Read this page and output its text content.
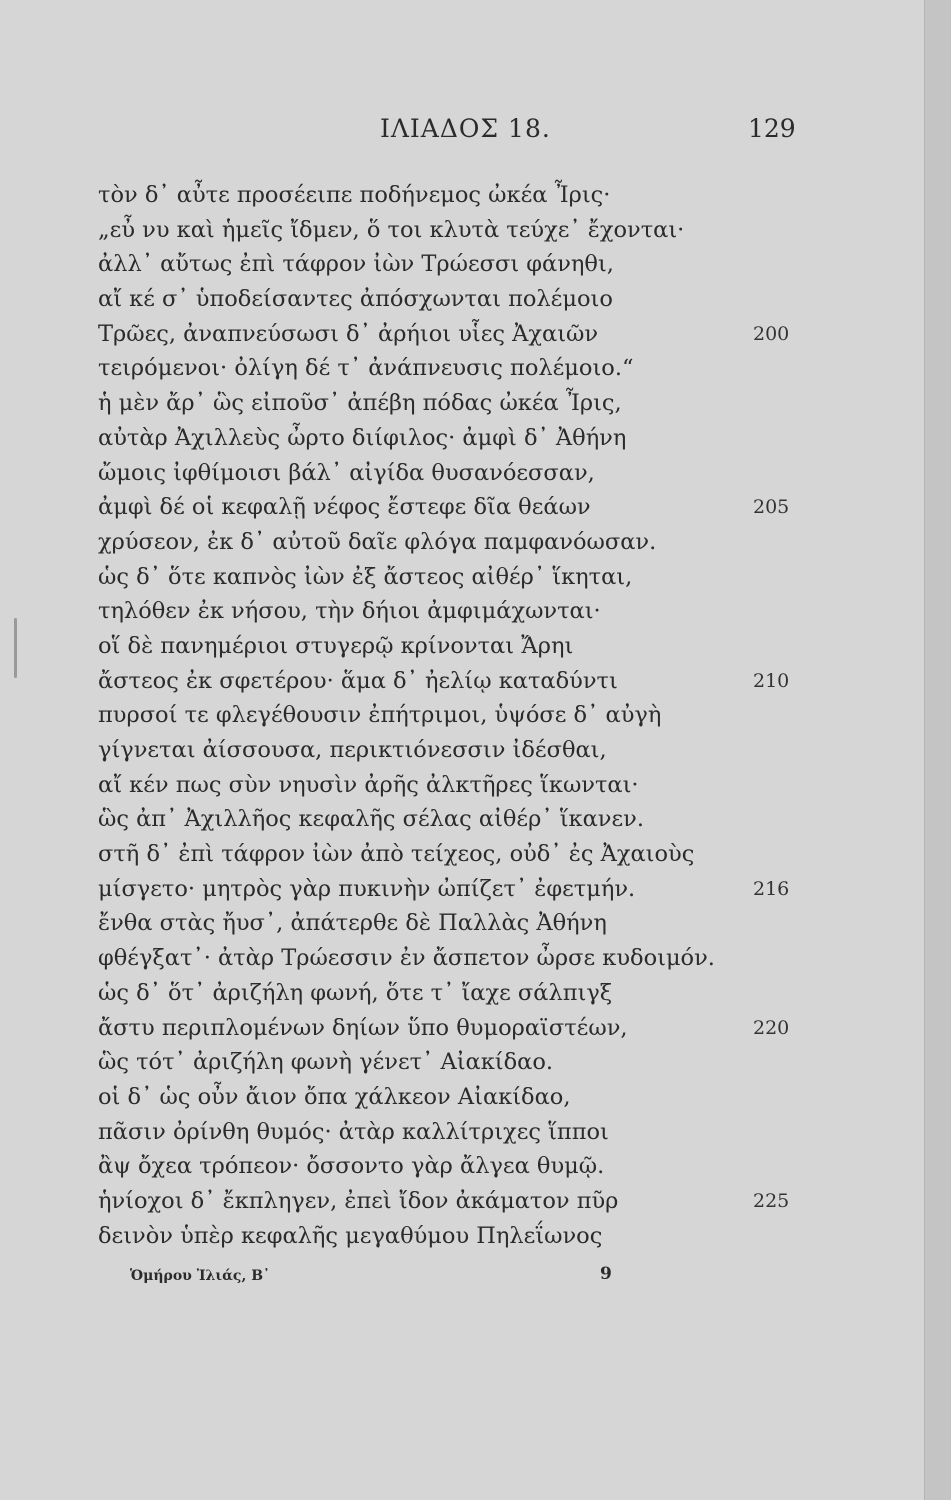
ΙΛΙΑΔΟΣ 18.	129
τὸν δ᾽ αὖτε προσέειπε ποδήνεμος ὠκέα Ἶρις·
„εὖ νυ καὶ ἡμεῖς ἴδμεν, ὅ τοι κλυτὰ τεύχε᾽ ἔχονται·
ἀλλ᾽ αὔτως ἐπὶ τάφρον ἰὼν Τρώεσσι φάνηθι,
αἴ κέ σ᾽ ὑποδείσαντες ἀπόσχωνται πολέμοιο
Τρῶες, ἀναπνεύσωσι δ᾽ ἀρήιοι υἷες Ἀχαιῶν	200
τειρόμενοι· ὀλίγη δέ τ᾽ ἀνάπνευσις πολέμοιο.“
ἡ μὲν ἄρ᾽ ὣς εἰποῦσ᾽ ἀπέβη πόδας ὠκέα Ἶρις,
αὐτὰρ Ἀχιλλεὺς ὦρτο διίφιλος· ἀμφὶ δ᾽ Ἀθήνη
ὤμοις ἰφθίμοισι βάλ᾽ αἰγίδα θυσανόεσσαν,
ἀμφὶ δέ οἱ κεφαλῇ νέφος ἔστεφε δῖα θεάων	205
χρύσεον, ἐκ δ᾽ αὐτοῦ δαῖε φλόγα παμφανόωσαν.
ὡς δ᾽ ὅτε καπνὸς ἰὼν ἐξ ἄστεος αἰθέρ᾽ ἵκηται,
τηλόθεν ἐκ νήσου, τὴν δήιοι ἀμφιμάχωνται·
οἵ δὲ πανημέριοι στυγερῷ κρίνονται Ἄρηι
ἄστεος ἐκ σφετέρου· ἅμα δ᾽ ἠελίῳ καταδύντι	210
πυρσοί τε φλεγέθουσιν ἐπήτριμοι, ὑψόσε δ᾽ αὐγὴ
γίγνεται ἀίσσουσα, περικτιόνεσσιν ἰδέσθαι,
αἴ κέν πως σὺν νηυσὶν ἀρῆς ἀλκτῆρες ἵκωνται·
ὣς ἀπ᾽ Ἀχιλλῆος κεφαλῆς σέλας αἰθέρ᾽ ἵκανεν.
στῆ δ᾽ ἐπὶ τάφρον ἰὼν ἀπὸ τείχεος, οὐδ᾽ ἐς Ἀχαιοὺς
μίσγετο· μητρὸς γὰρ πυκινὴν ὠπίζετ᾽ ἐφετμήν.	216
ἔνθα στὰς ἤυσ᾽, ἀπάτερθε δὲ Παλλὰς Ἀθήνη
φθέγξατ᾽· ἀτὰρ Τρώεσσιν ἐν ἄσπετον ὦρσε κυδοιμόν.
ὡς δ᾽ ὅτ᾽ ἀριζήλη φωνή, ὅτε τ᾽ ἴαχε σάλπιγξ
ἄστυ περιπλομένων δηίων ὕπο θυμοραϊστέων,	220
ὣς τότ᾽ ἀριζήλη φωνὴ γένετ᾽ Αἰακίδαο.
οἱ δ᾽ ὡς οὖν ἄιον ὄπα χάλκεον Αἰακίδαο,
πᾶσιν ὀρίνθη θυμός· ἀτὰρ καλλίτριχες ἵπποι
ἂψ ὄχεα τρόπεον· ὄσσοντο γὰρ ἄλγεα θυμῷ.
ἡνίοχοι δ᾽ ἔκπληγεν, ἐπεὶ ἴδον ἀκάματον πῦρ	225
δεινὸν ὑπὲρ κεφαλῆς μεγαθύμου Πηλεΐωνος
Ὁμήρου Ἰλιάς, B᾽	9
